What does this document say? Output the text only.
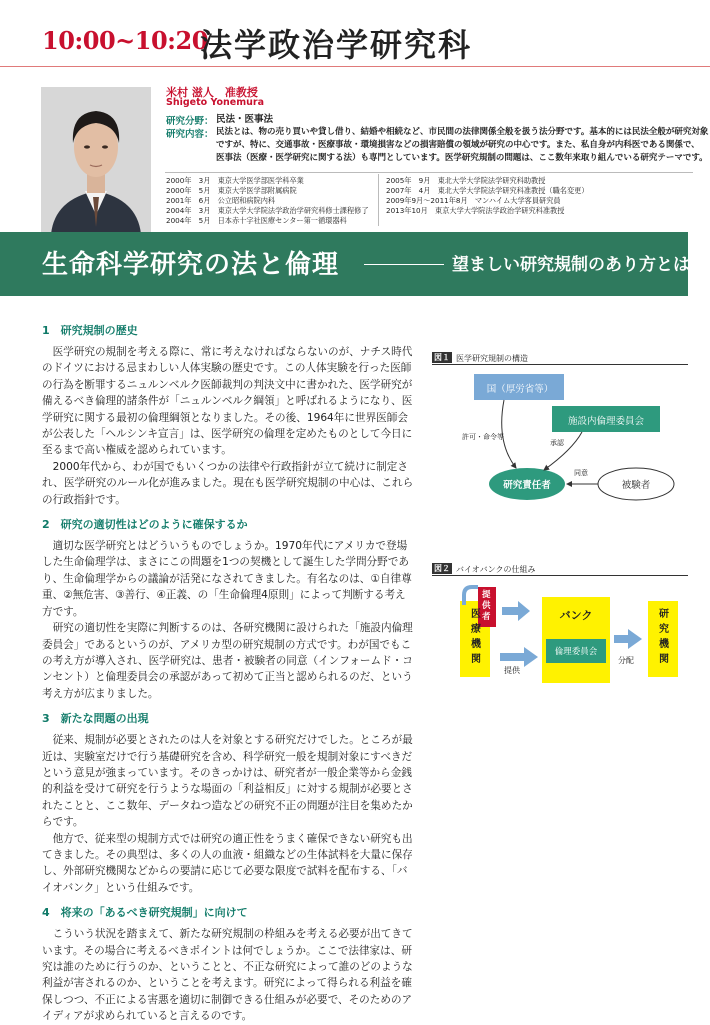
10:00~10:20
法学政治学研究科
米村 滋人　准教授
Shigeto Yonemura
研究分野： 民法・医事法
研究内容： 民法とは、物の売り買いや貸し借り、結婚や相続など、市民間の法律関係全般を扱う法分野です。基本的には民法全般が研究対象
ですが、特に、交通事故・医療事故・環境損害などの損害賠償の領域が研究の中心です。また、私自身が内科医である関係で、
医事法（医療・医学研究に関する法）も専門としています。医学研究規制の問題は、ここ数年来取り組んでいる研究テーマです。
2000年　3月　東京大学医学部医学科卒業
2000年　5月　東京大学医学部附属病院
2001年　6月　公立昭和病院内科
2004年　3月　東京大学大学院法学政治学研究科修士課程修了
2004年　5月　日本赤十字社医療センター第一循環器科
2005年　9月　東北大学大学院法学研究科助教授
2007年　4月　東北大学大学院法学研究科准教授（職名変更）
2009年9月～2011年8月　マンハイム大学客員研究員
2013年10月　東京大学大学院法学政治学研究科准教授
生命科学研究の法と倫理	望ましい研究規制のあり方とは？
1　研究規制の歴史

医学研究の規制を考える際に、常に考えなければならないのが、ナチス時代のドイツにおける忌まわしい人体実験の歴史です。この人体実験を行った医師の行為を断罪するニュルンベルク医師裁判の判決文中に書かれた、医学研究が備えるべき倫理的諸条件が「ニュルンベルク綱領」と呼ばれるようになり、医学研究に関する最初の倫理綱領となりました。その後、1964年に世界医師会が公表した「ヘルシンキ宣言」は、医学研究の倫理を定めたものとして今日に至るまで高い権威を認められています。

2000年代から、わが国でもいくつかの法律や行政指針が立て続けに制定され、医学研究のルール化が進みました。現在も医学研究規制の中心は、これらの行政指針です。

2　研究の適切性はどのように確保するか

適切な医学研究とはどういうものでしょうか。1970年代にアメリカで登場した生命倫理学は、まさにこの問題を1つの契機として誕生した学問分野であり、生命倫理学からの議論が活発になされてきました。有名なのは、①自律尊重、②無危害、③善行、④正義、の「生命倫理4原則」によって判断する考え方です。

研究の適切性を実際に判断するのは、各研究機関に設けられた「施設内倫理委員会」であるというのが、アメリカ型の研究規制の方式です。わが国でもこの考え方が導入され、医学研究は、患者・被験者の同意（インフォームド・コンセント）と倫理委員会の承認があって初めて正当と認められるのだ、という考え方が広まりました。

3　新たな問題の出現

従来、規制が必要とされたのは人を対象とする研究だけでした。ところが最近は、実験室だけで行う基礎研究を含め、科学研究一般を規制対象にすべきだという意見が強まっています。そのきっかけは、研究者が一般企業等から金銭的利益を受けて研究を行うような場面の「利益相反」に対する規制が必要とされたことと、ここ数年、データねつ造などの研究不正の問題が注目を集めたからです。

他方で、従来型の規制方式では研究の適正性をうまく確保できない研究も出てきました。その典型は、多くの人の血液・組織などの生体試料を大量に保存し、外部研究機関などからの要請に応じて必要な限度で試料を配布する、「バイオバンク」という仕組みです。

4　将来の「あるべき研究規制」に向けて

こういう状況を踏まえて、新たな研究規制の枠組みを考える必要が出てきています。その場合に考えるべきポイントは何でしょうか。ここで法律家は、研究は誰のために行うのか、ということと、不正な研究によって誰のどのような利益が害されるのか、ということを考えます。研究によって得られる利益を確保しつつ、不正による害悪を適切に制御できる仕組みが必要で、そのためのアイディアが求められていると言えるのです。

図１ 医学研究規制の構造
国（厚労省等）
施設内倫理委員会
研究責任者	被験者
許可・命令等
承認
同意
図２ バイオバンクの仕組み
医療機関
提供者	バンク
倫理委員会
研究機関
提供
分配
